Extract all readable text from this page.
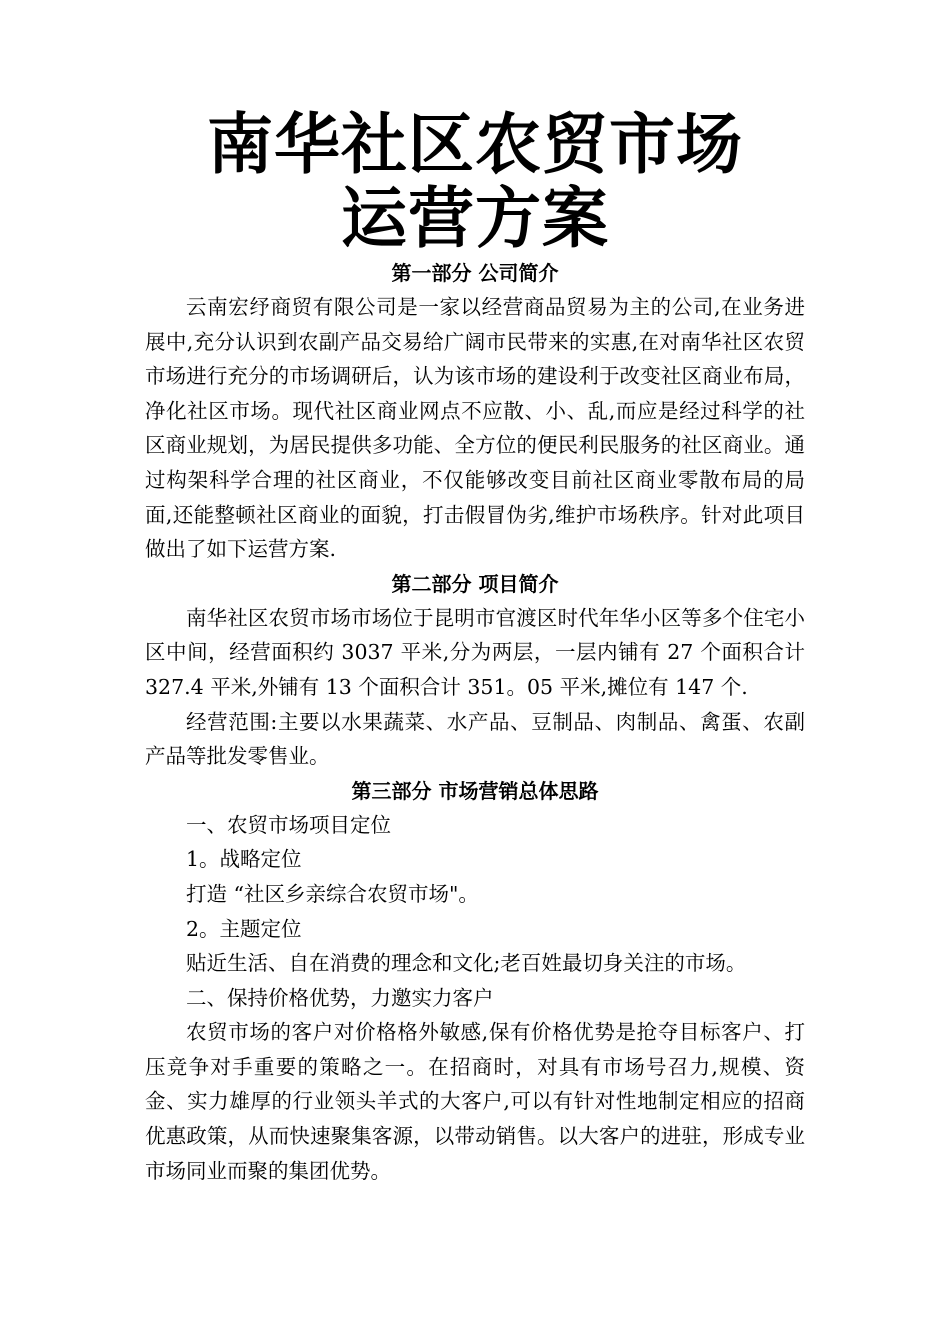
南华社区农贸市场
运营方案
第一部分 公司简介

云南宏纾商贸有限公司是一家以经营商品贸易为主的公司,在业务进展中,充分认识到农副产品交易给广阔市民带来的实惠,在对南华社区农贸市场进行充分的市场调研后，认为该市场的建设利于改变社区商业布局，净化社区市场。现代社区商业网点不应散、小、乱,而应是经过科学的社区商业规划，为居民提供多功能、全方位的便民利民服务的社区商业。通过构架科学合理的社区商业，不仅能够改变目前社区商业零散布局的局面,还能整顿社区商业的面貌，打击假冒伪劣,维护市场秩序。针对此项目做出了如下运营方案.

第二部分 项目简介

南华社区农贸市场市场位于昆明市官渡区时代年华小区等多个住宅小区中间，经营面积约 3037 平米,分为两层，一层内铺有 27 个面积合计 327.4 平米,外铺有 13 个面积合计 351。05 平米,摊位有 147 个.

经营范围:主要以水果蔬菜、水产品、豆制品、肉制品、禽蛋、农副产品等批发零售业。

第三部分 市场营销总体思路

一、农贸市场项目定位

1。战略定位

打造 “社区乡亲综合农贸市场"。

2。主题定位

贴近生活、自在消费的理念和文化;老百姓最切身关注的市场。

二、保持价格优势，力邀实力客户

农贸市场的客户对价格格外敏感,保有价格优势是抢夺目标客户、打压竞争对手重要的策略之一。在招商时，对具有市场号召力,规模、资金、实力雄厚的行业领头羊式的大客户,可以有针对性地制定相应的招商优惠政策，从而快速聚集客源，以带动销售。以大客户的进驻，形成专业市场同业而聚的集团优势。
